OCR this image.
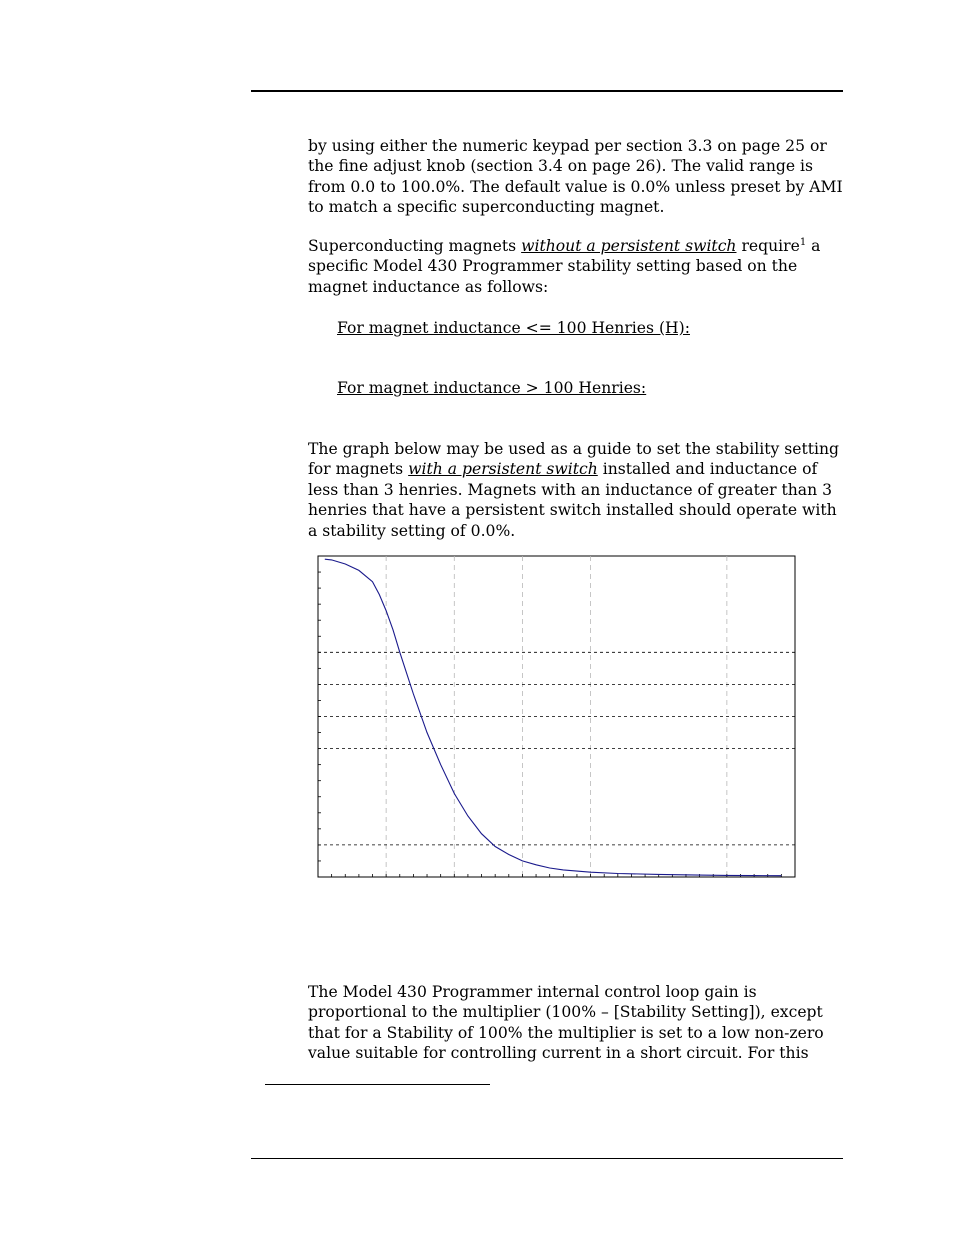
by using either the numeric keypad per section 3.3 on page 25 or the fine adjust knob (section 3.4 on page 26). The valid range is from 0.0 to 100.0%. The default value is 0.0% unless preset by AMI to match a specific superconducting magnet.

Superconducting magnets without a persistent switch require$^1$ a specific Model 430 Programmer stability setting based on the magnet inductance as follows:

For magnet inductance <= 100 Henries (H):
For magnet inductance > 100 Henries:

The graph below may be used as a guide to set the stability setting for magnets with a persistent switch installed and inductance of less than 3 henries. Magnets with an inductance of greater than 3 henries that have a persistent switch installed should operate with a stability setting of 0.0%.

The Model 430 Programmer internal control loop gain is proportional to the multiplier (100% – [Stability Setting]), except that for a Stability of 100% the multiplier is set to a low non-zero value suitable for controlling current in a short circuit. For this
